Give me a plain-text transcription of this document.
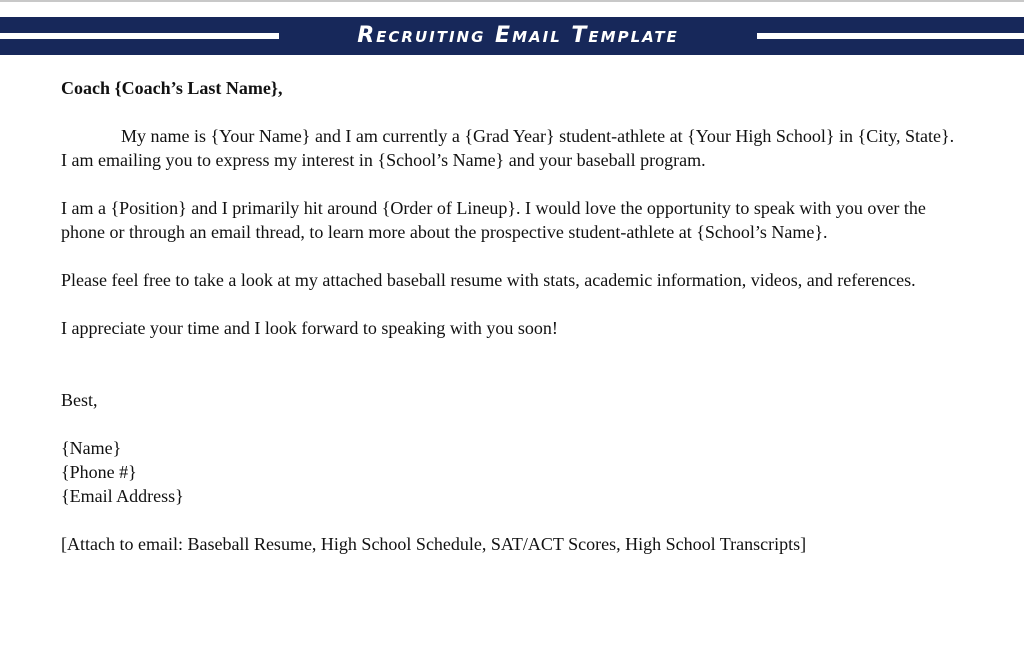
Recruiting Email Template

Coach {Coach’s Last Name},

My name is {Your Name} and I am currently a {Grad Year} student-athlete at {Your High School} in {City, State}. I am emailing you to express my interest in {School’s Name} and your baseball program.

I am a {Position} and I primarily hit around {Order of Lineup}. I would love the opportunity to speak with you over the phone or through an email thread, to learn more about the prospective student-athlete at {School’s Name}.

Please feel free to take a look at my attached baseball resume with stats, academic information, videos, and references.

I appreciate your time and I look forward to speaking with you soon!

Best,

{Name}

{Phone #}

{Email Address}

[Attach to email: Baseball Resume, High School Schedule, SAT/ACT Scores, High School Transcripts]
